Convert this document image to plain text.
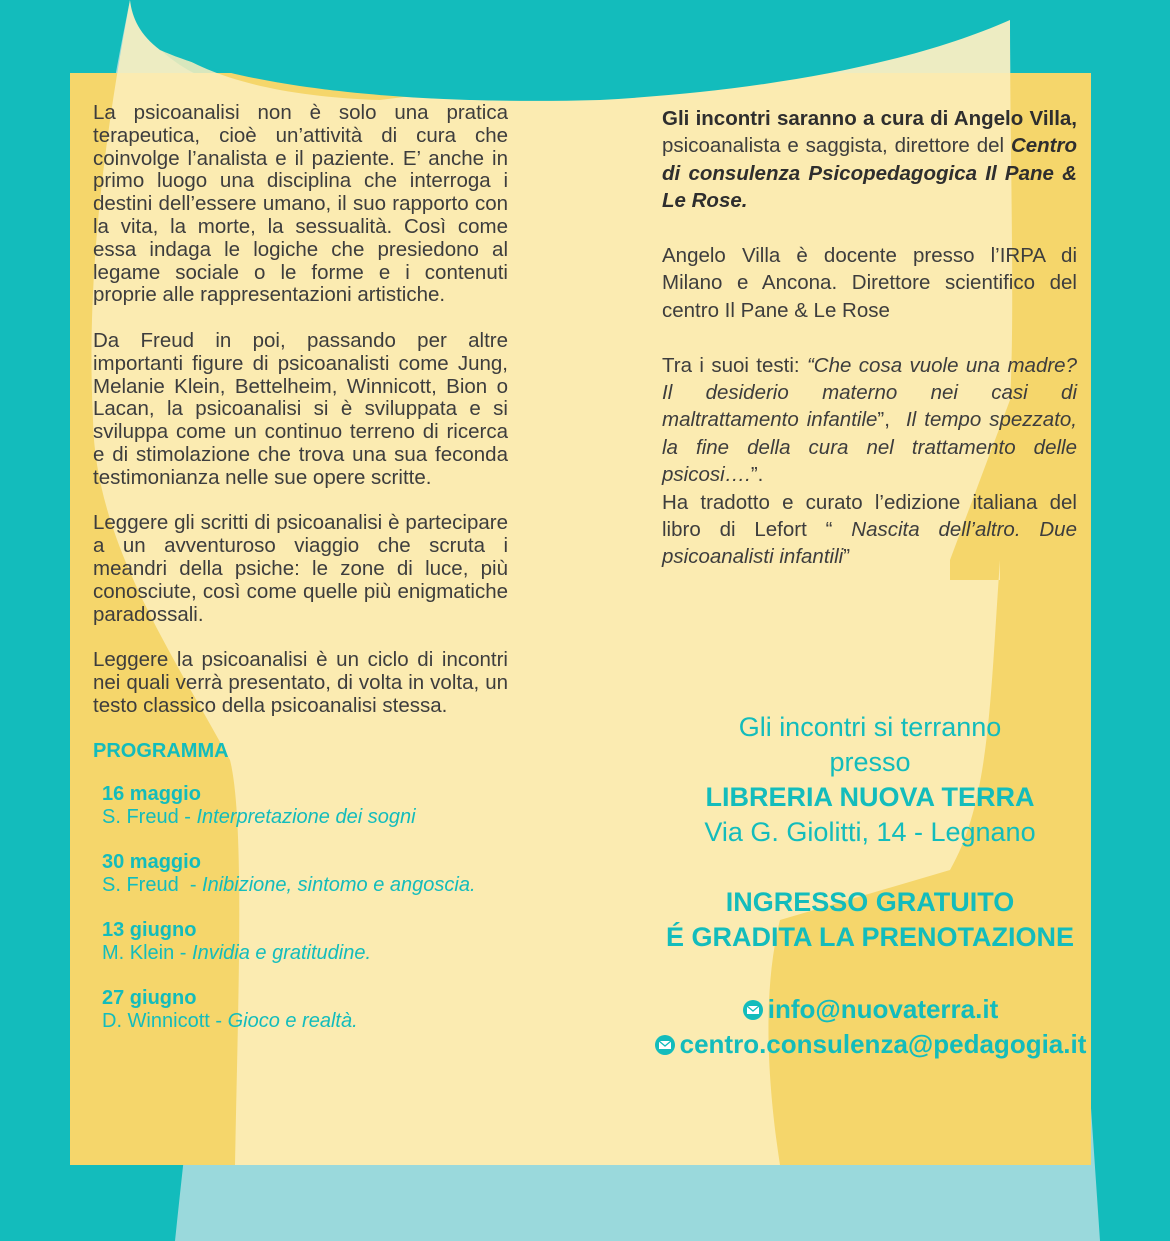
La psicoanalisi non è solo una pratica terapeutica, cioè un’attività di cura che coinvolge l’analista e il paziente. E’ anche in primo luogo una disciplina che interroga i destini dell’essere umano, il suo rapporto con la vita, la morte, la sessualità. Così come essa indaga le logiche che presiedono al legame sociale o le forme e i contenuti proprie alle rappresentazioni artistiche.

Da Freud in poi, passando per altre importanti figure di psicoanalisti come Jung, Melanie Klein, Bettelheim, Winnicott, Bion o Lacan, la psicoanalisi si è sviluppata e si sviluppa come un continuo terreno di ricerca e di stimolazione che trova una sua feconda testimonianza nelle sue opere scritte.

Leggere gli scritti di psicoanalisi è partecipare a un avventuroso viaggio che scruta i meandri della psiche: le zone di luce, più conosciute, così come quelle più enigmatiche paradossali.

Leggere la psicoanalisi è un ciclo di incontri nei quali verrà presentato, di volta in volta, un testo classico della psicoanalisi stessa.

PROGRAMMA
16 maggio
S. Freud - Interpretazione dei sogni
30 maggio
S. Freud  - Inibizione, sintomo e angoscia.
13 giugno
M. Klein - Invidia e gratitudine.
27 giugno
D. Winnicott - Gioco e realtà.

Gli incontri saranno a cura di Angelo Villa, psicoanalista e saggista, direttore del Centro di consulenza Psicopedagogica Il Pane & Le Rose.

Angelo Villa è docente presso l’IRPA di Milano e Ancona. Direttore scientifico del centro Il Pane & Le Rose

Tra i suoi testi: “Che cosa vuole una madre? Il desiderio materno nei casi di maltrattamento infantile”,  Il tempo spezzato, la fine della cura nel trattamento delle psicosi….”.

Ha tradotto e curato l’edizione italiana del libro di Lefort “ Nascita dell’altro. Due psicoanalisti infantili”

Gli incontri si terranno
presso
LIBRERIA NUOVA TERRA
Via G. Giolitti, 14 - Legnano
INGRESSO GRATUITO
É GRADITA LA PRENOTAZIONE
info@nuovaterra.it
centro.consulenza@pedagogia.it
